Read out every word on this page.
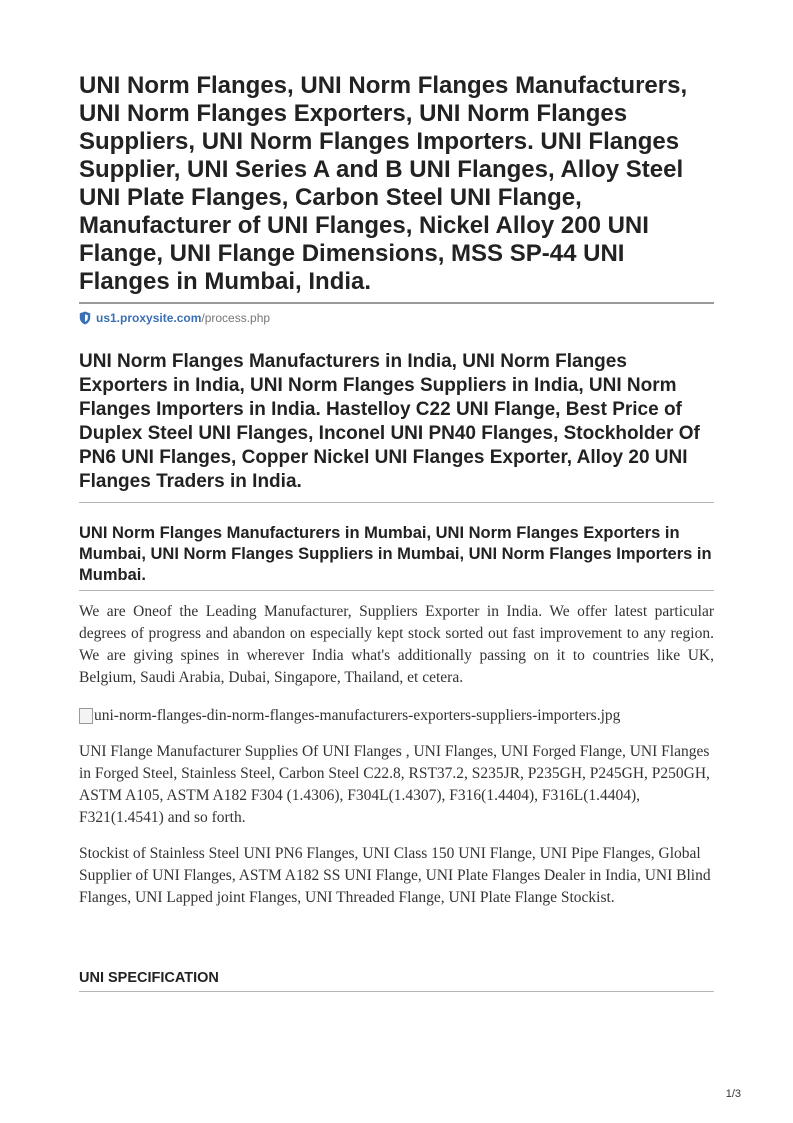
UNI Norm Flanges, UNI Norm Flanges Manufacturers, UNI Norm Flanges Exporters, UNI Norm Flanges Suppliers, UNI Norm Flanges Importers. UNI Flanges Supplier, UNI Series A and B UNI Flanges, Alloy Steel UNI Plate Flanges, Carbon Steel UNI Flange, Manufacturer of UNI Flanges, Nickel Alloy 200 UNI Flange, UNI Flange Dimensions, MSS SP-44 UNI Flanges in Mumbai, India.
us1.proxysite.com/process.php
UNI Norm Flanges Manufacturers in India, UNI Norm Flanges Exporters in India, UNI Norm Flanges Suppliers in India, UNI Norm Flanges Importers in India. Hastelloy C22 UNI Flange, Best Price of Duplex Steel UNI Flanges, Inconel UNI PN40 Flanges, Stockholder Of PN6 UNI Flanges, Copper Nickel UNI Flanges Exporter, Alloy 20 UNI Flanges Traders in India.
UNI Norm Flanges Manufacturers in Mumbai, UNI Norm Flanges Exporters in Mumbai, UNI Norm Flanges Suppliers in Mumbai, UNI Norm Flanges Importers in Mumbai.

We are Oneof the Leading Manufacturer, Suppliers Exporter in India. We offer latest particular degrees of progress and abandon on especially kept stock sorted out fast improvement to any region. We are giving spines in wherever India what's additionally passing on it to countries like UK, Belgium, Saudi Arabia, Dubai, Singapore, Thailand, et cetera.

uni-norm-flanges-din-norm-flanges-manufacturers-exporters-suppliers-importers.jpg

UNI Flange Manufacturer Supplies Of UNI Flanges , UNI Flanges, UNI Forged Flange, UNI Flanges in Forged Steel, Stainless Steel, Carbon Steel C22.8, RST37.2, S235JR, P235GH, P245GH, P250GH, ASTM A105, ASTM A182 F304 (1.4306), F304L(1.4307), F316(1.4404), F316L(1.4404), F321(1.4541) and so forth.

Stockist of Stainless Steel UNI PN6 Flanges, UNI Class 150 UNI Flange, UNI Pipe Flanges, Global Supplier of UNI Flanges, ASTM A182 SS UNI Flange, UNI Plate Flanges Dealer in India, UNI Blind Flanges, UNI Lapped joint Flanges, UNI Threaded Flange, UNI Plate Flange Stockist.

UNI SPECIFICATION
1/3
